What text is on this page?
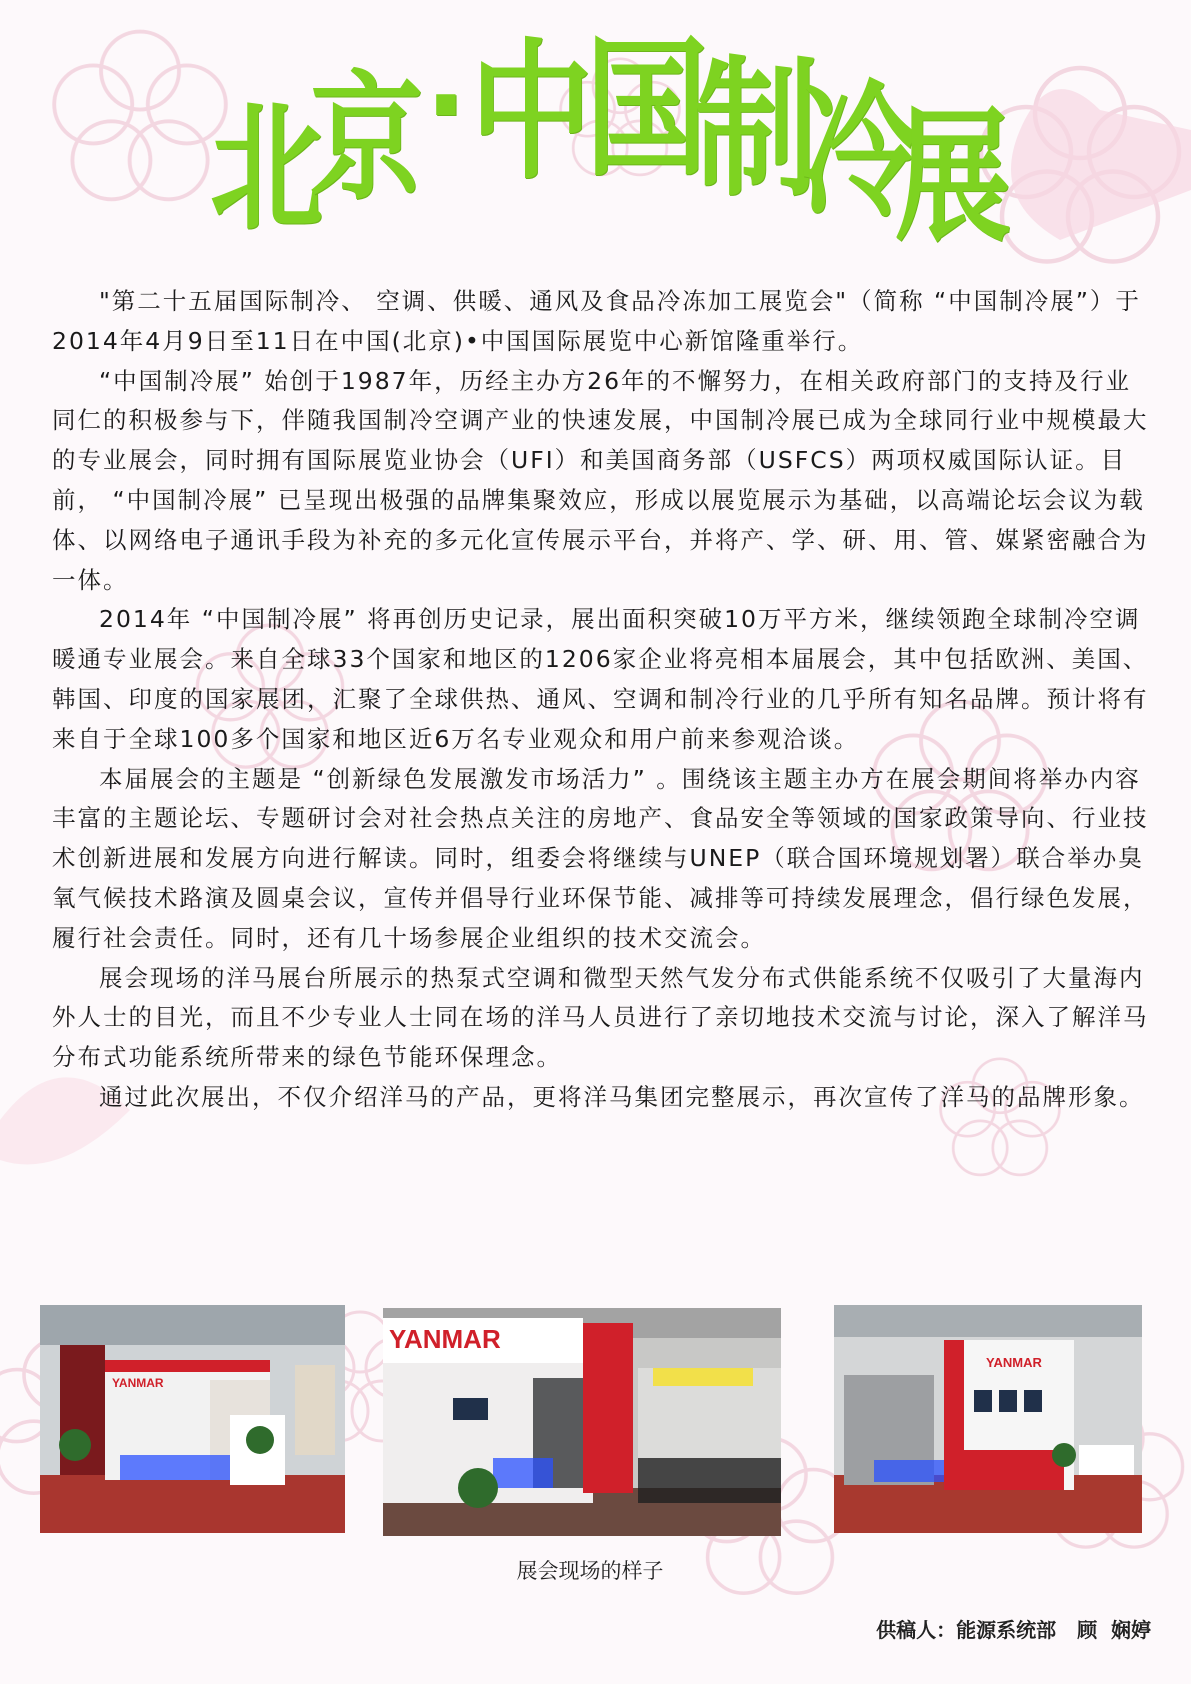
北
京 · 中
国
制
冷
展

"第二十五届国际制冷、 空调、供暖、通风及食品冷冻加工展览会"（简称 “中国制冷展”）于2014年4月9日至11日在中国(北京)•中国国际展览中心新馆隆重举行。

“中国制冷展” 始创于1987年，历经主办方26年的不懈努力，在相关政府部门的支持及行业同仁的积极参与下，伴随我国制冷空调产业的快速发展，中国制冷展已成为全球同行业中规模最大的专业展会，同时拥有国际展览业协会（UFI）和美国商务部（USFCS）两项权威国际认证。目前， “中国制冷展” 已呈现出极强的品牌集聚效应，形成以展览展示为基础，以高端论坛会议为载体、以网络电子通讯手段为补充的多元化宣传展示平台，并将产、学、研、用、管、媒紧密融合为一体。

2014年 “中国制冷展” 将再创历史记录，展出面积突破10万平方米，继续领跑全球制冷空调暖通专业展会。来自全球33个国家和地区的1206家企业将亮相本届展会，其中包括欧洲、美国、韩国、印度的国家展团，汇聚了全球供热、通风、空调和制冷行业的几乎所有知名品牌。预计将有来自于全球100多个国家和地区近6万名专业观众和用户前来参观洽谈。

本届展会的主题是 “创新绿色发展激发市场活力” 。围绕该主题主办方在展会期间将举办内容丰富的主题论坛、专题研讨会对社会热点关注的房地产、食品安全等领域的国家政策导向、行业技术创新进展和发展方向进行解读。同时，组委会将继续与UNEP（联合国环境规划署）联合举办臭氧气候技术路演及圆桌会议，宣传并倡导行业环保节能、减排等可持续发展理念，倡行绿色发展，履行社会责任。同时，还有几十场参展企业组织的技术交流会。

展会现场的洋马展台所展示的热泵式空调和微型天然气发分布式供能系统不仅吸引了大量海内外人士的目光，而且不少专业人士同在场的洋马人员进行了亲切地技术交流与讨论，深入了解洋马分布式功能系统所带来的绿色节能环保理念。

通过此次展出，不仅介绍洋马的产品，更将洋马集团完整展示，再次宣传了洋马的品牌形象。

YANMAR
YANMAR
YANMAR
展会现场的样子
供稿人：能源系统部 顾  娴婷
